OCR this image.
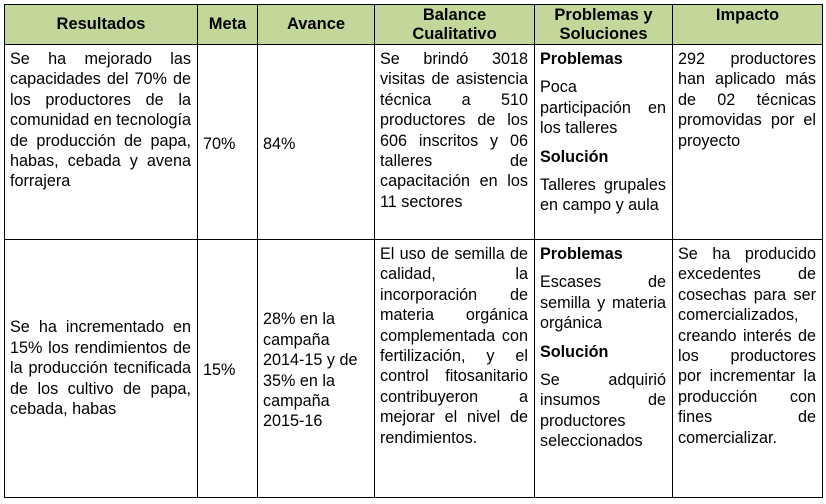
Resultados	Meta	Avance	Balance Cualitativo	Problemas y Soluciones	Impacto

Se ha mejorado las capacidades del 70% de los productores de la comunidad en tecnología de producción de papa, habas, cebada y avena forrajera	70%	84%	Se brindó 3018 visitas de asistencia técnica a 510 productores de los 606 inscritos y 06 talleres de capacitación en los 11 sectores	Problemas
Poca participación en los talleres
Solución
Talleres grupales en campo y aula	292 productores han aplicado más de 02 técnicas promovidas por el proyecto

Se ha incrementado en 15% los rendimientos de la producción tecnificada de los cultivo de papa, cebada, habas	15%	28% en la campaña 2014-15 y de 35% en la campaña 2015-16	El uso de semilla de calidad, la incorporación de materia orgánica complementada con fertilización, y el control fitosanitario contribuyeron a mejorar el nivel de rendimientos.	Problemas
Escases de semilla y materia orgánica
Solución
Se adquirió insumos de productores seleccionados	Se ha producido excedentes de cosechas para ser comercializados, creando interés de los productores por incrementar la producción con fines de comercializar.
